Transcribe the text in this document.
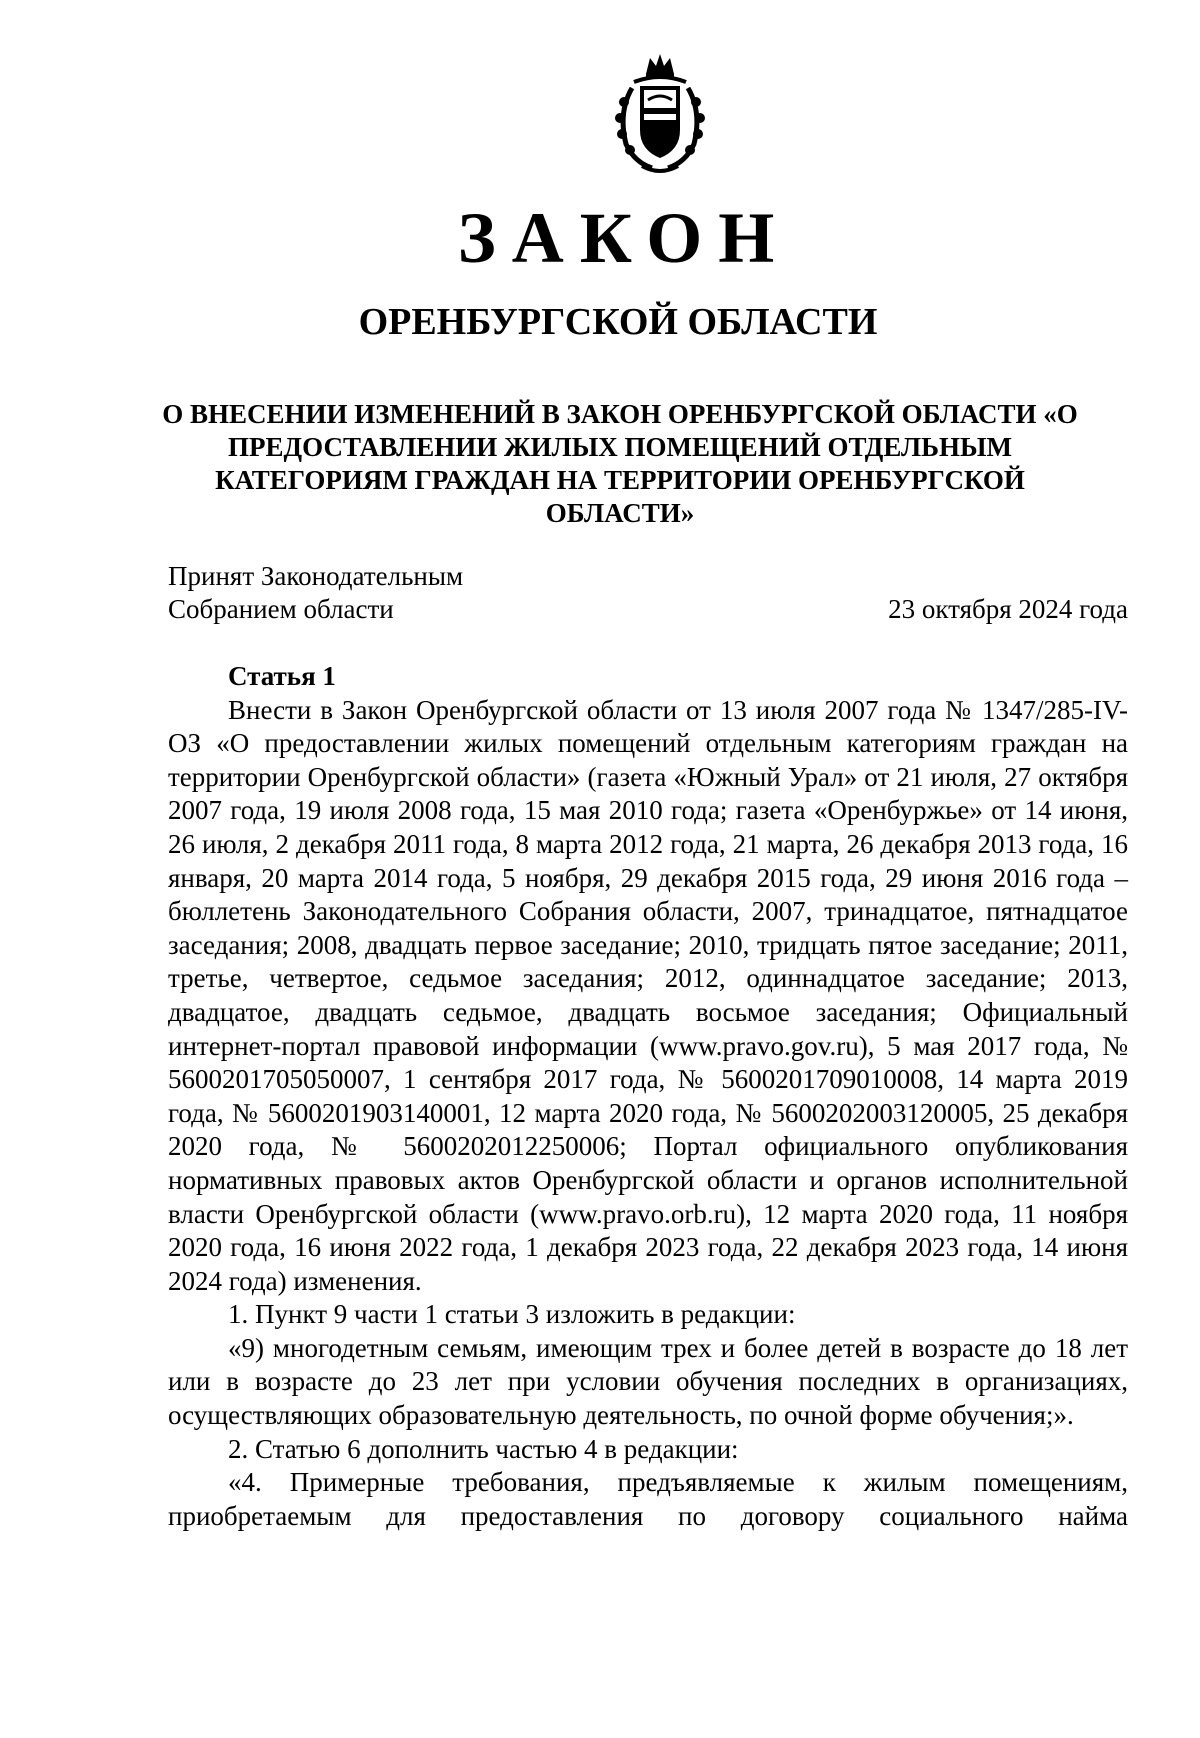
ЗАКОН
ОРЕНБУРГСКОЙ ОБЛАСТИ
О ВНЕСЕНИИ ИЗМЕНЕНИЙ В ЗАКОН ОРЕНБУРГСКОЙ ОБЛАСТИ «О ПРЕДОСТАВЛЕНИИ ЖИЛЫХ ПОМЕЩЕНИЙ ОТДЕЛЬНЫМ КАТЕГОРИЯМ ГРАЖДАН НА ТЕРРИТОРИИ ОРЕНБУРГСКОЙ ОБЛАСТИ»
Принят Законодательным
Собранием области	23 октября 2024 года

Статья 1

Внести в Закон Оренбургской области от 13 июля 2007 года № 1347/285-IV-ОЗ «О предоставлении жилых помещений отдельным категориям граждан на территории Оренбургской области» (газета «Южный Урал» от 21 июля, 27 октября 2007 года, 19 июля 2008 года, 15 мая 2010 года; газета «Оренбуржье» от 14 июня, 26 июля, 2 декабря 2011 года, 8 марта 2012 года, 21 марта, 26 декабря 2013 года, 16 января, 20 марта 2014 года, 5 ноября, 29 декабря 2015 года, 29 июня 2016 года – бюллетень Законодательного Собрания области, 2007, тринадцатое, пятнадцатое заседания; 2008, двадцать первое заседание; 2010, тридцать пятое заседание; 2011, третье, четвертое, седьмое заседания; 2012, одиннадцатое заседание; 2013, двадцатое, двадцать седьмое, двадцать восьмое заседания; Официальный интернет-портал правовой информации (www.pravo.gov.ru), 5 мая 2017 года, № 5600201705050007, 1 сентября 2017 года, № 5600201709010008, 14 марта 2019 года, № 5600201903140001, 12 марта 2020 года, № 5600202003120005, 25 декабря 2020 года, № 5600202012250006; Портал официального опубликования нормативных правовых актов Оренбургской области и органов исполнительной власти Оренбургской области (www.pravo.orb.ru), 12 марта 2020 года, 11 ноября 2020 года, 16 июня 2022 года, 1 декабря 2023 года, 22 декабря 2023 года, 14 июня 2024 года) изменения.

1. Пункт 9 части 1 статьи 3 изложить в редакции:

«9) многодетным семьям, имеющим трех и более детей в возрасте до 18 лет или в возрасте до 23 лет при условии обучения последних в организациях, осуществляющих образовательную деятельность, по очной форме обучения;».

2. Статью 6 дополнить частью 4 в редакции:

«4. Примерные требования, предъявляемые к жилым помещениям, приобретаемым для предоставления по договору социального найма
